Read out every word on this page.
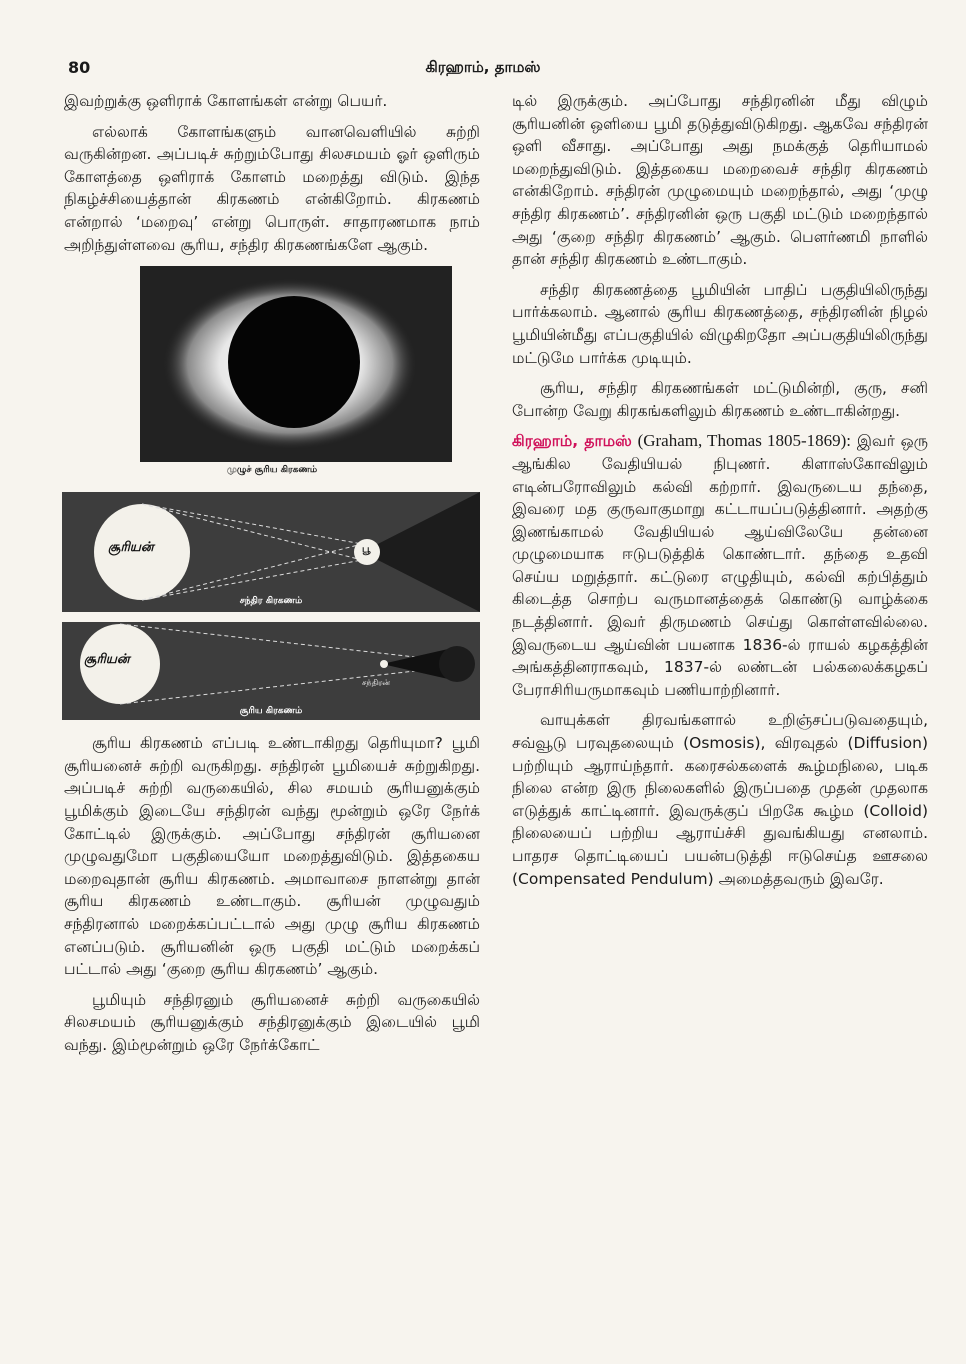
80	கிரஹாம், தாமஸ்

இவற்றுக்கு ஒளிராக் கோளங்கள் என்று பெயர்.

எல்லாக் கோளங்களும் வானவெளியில் சுற்றி வருகின்றன. அப்படிச் சுற்றும்போது சிலசமயம் ஓர் ஒளிரும் கோளத்தை ஒளிராக் கோளம் மறைத்து விடும். இந்த நிகழ்ச்சியைத்தான் கிரகணம் என்கிறோம். கிரகணம் என்றால் ‘மறைவு’ என்று பொருள். சாதாரணமாக நாம் அறிந்துள்ளவை சூரிய, சந்திர கிரகணங்களே ஆகும்.

முழுச் சூரிய கிரகணம்
சூரியன்	பூ
சந்திர கிரகணம்
சூரியன்
சந்திரன்
சூரிய கிரகணம்

சூரிய கிரகணம் எப்படி உண்டாகிறது தெரியுமா? பூமி சூரியனைச் சுற்றி வருகிறது. சந்திரன் பூமியைச் சுற்றுகிறது. அப்படிச் சுற்றி வருகையில், சில சமயம் சூரியனுக்கும் பூமிக்கும் இடையே சந்திரன் வந்து மூன்றும் ஒரே நேர்க் கோட்டில் இருக்கும். அப்போது சந்திரன் சூரியனை முழுவதுமோ பகுதியையோ மறைத்துவிடும். இத்தகைய மறைவுதான் சூரிய கிரகணம். அமாவாசை நாளன்று தான் சூரிய கிரகணம் உண்டாகும். சூரியன் முழுவதும் சந்திரனால் மறைக்கப்பட்டால் அது முழு சூரிய கிரகணம் எனப்படும். சூரியனின் ஒரு பகுதி மட்டும் மறைக்கப் பட்டால் அது ‘குறை சூரிய கிரகணம்’ ஆகும்.

பூமியும் சந்திரனும் சூரியனைச் சுற்றி வருகையில் சிலசமயம் சூரியனுக்கும் சந்திரனுக்கும் இடையில் பூமி வந்து. இம்மூன்றும் ஒரே நேர்க்கோட்

டில் இருக்கும். அப்போது சந்திரனின் மீது விழும் சூரியனின் ஒளியை பூமி தடுத்துவிடுகிறது. ஆகவே சந்திரன் ஒளி வீசாது. அப்போது அது நமக்குத் தெரியாமல் மறைந்துவிடும். இத்தகைய மறைவைச் சந்திர கிரகணம் என்கிறோம். சந்திரன் முழுமையும் மறைந்தால், அது ‘முழு சந்திர கிரகணம்’. சந்திரனின் ஒரு பகுதி மட்டும் மறைந்தால் அது ‘குறை சந்திர கிரகணம்’ ஆகும். பௌர்ணமி நாளில் தான் சந்திர கிரகணம் உண்டாகும்.

சந்திர கிரகணத்தை பூமியின் பாதிப் பகுதியிலிருந்து பார்க்கலாம். ஆனால் சூரிய கிரகணத்தை, சந்திரனின் நிழல் பூமியின்மீது எப்பகுதியில் விழுகிறதோ அப்பகுதியிலிருந்து மட்டுமே பார்க்க முடியும்.

சூரிய, சந்திர கிரகணங்கள் மட்டுமின்றி, குரு, சனி போன்ற வேறு கிரகங்களிலும் கிரகணம் உண்டாகின்றது.

கிரஹாம், தாமஸ் (Graham, Thomas 1805-1869): இவர் ஒரு ஆங்கில வேதியியல் நிபுணர். கிளாஸ்கோவிலும் எடின்பரோவிலும் கல்வி கற்றார். இவருடைய தந்தை, இவரை மத குருவாகுமாறு கட்டாயப்படுத்தினார். அதற்கு இணங்காமல் வேதியியல் ஆய்விலேயே தன்னை முழுமையாக ஈடுபடுத்திக் கொண்டார். தந்தை உதவி செய்ய மறுத்தார். கட்டுரை எழுதியும், கல்வி கற்பித்தும் கிடைத்த சொற்ப வருமானத்தைக் கொண்டு வாழ்க்கை நடத்தினார். இவர் திருமணம் செய்து கொள்ளவில்லை. இவருடைய ஆய்வின் பயனாக 1836-ல் ராயல் கழகத்தின் அங்கத்தினராகவும், 1837-ல் லண்டன் பல்கலைக்கழகப் பேராசிரியருமாகவும் பணியாற்றினார்.

வாயுக்கள் திரவங்களால் உறிஞ்சப்படுவதையும், சவ்வூடு பரவுதலையும் (Osmosis), விரவுதல் (Diffusion) பற்றியும் ஆராய்ந்தார். கரைசல்களைக் கூழ்மநிலை, படிக நிலை என்ற இரு நிலைகளில் இருப்பதை முதன் முதலாக எடுத்துக் காட்டினார். இவருக்குப் பிறகே கூழ்ம (Colloid) நிலையைப் பற்றிய ஆராய்ச்சி துவங்கியது எனலாம். பாதரச தொட்டியைப் பயன்படுத்தி ஈடுசெய்த ஊசலை (Compensated Pendulum) அமைத்தவரும் இவரே.
